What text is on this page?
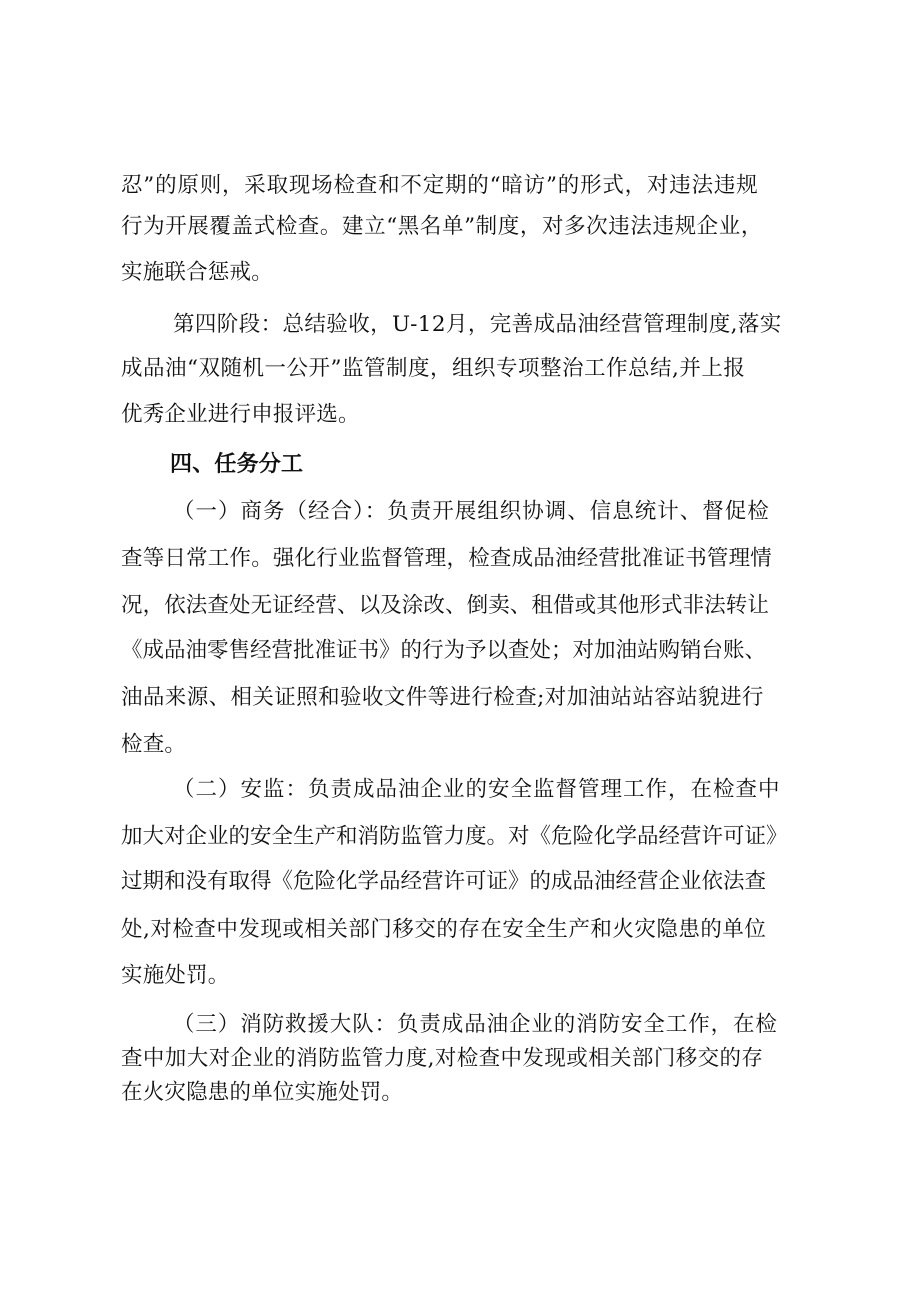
忍”的原则，采取现场检查和不定期的“暗访”的形式，对违法违规

行为开展覆盖式检查。建立“黑名单”制度，对多次违法违规企业，

实施联合惩戒。

第四阶段：总结验收，U-12月，完善成品油经营管理制度,落实

成品油“双随机一公开”监管制度，组织专项整治工作总结,并上报

优秀企业进行申报评选。

四、任务分工

（一）商务（经合）：负责开展组织协调、信息统计、督促检

查等日常工作。强化行业监督管理，检查成品油经营批准证书管理情

况，依法查处无证经营、以及涂改、倒卖、租借或其他形式非法转让

《成品油零售经营批准证书》的行为予以查处；对加油站购销台账、

油品来源、相关证照和验收文件等进行检查;对加油站站容站貌进行

检查。

（二）安监：负责成品油企业的安全监督管理工作，在检查中

加大对企业的安全生产和消防监管力度。对《危险化学品经营许可证》

过期和没有取得《危险化学品经营许可证》的成品油经营企业依法查

处,对检查中发现或相关部门移交的存在安全生产和火灾隐患的单位

实施处罚。

（三）消防救援大队：负责成品油企业的消防安全工作，在检

查中加大对企业的消防监管力度,对检查中发现或相关部门移交的存

在火灾隐患的单位实施处罚。
